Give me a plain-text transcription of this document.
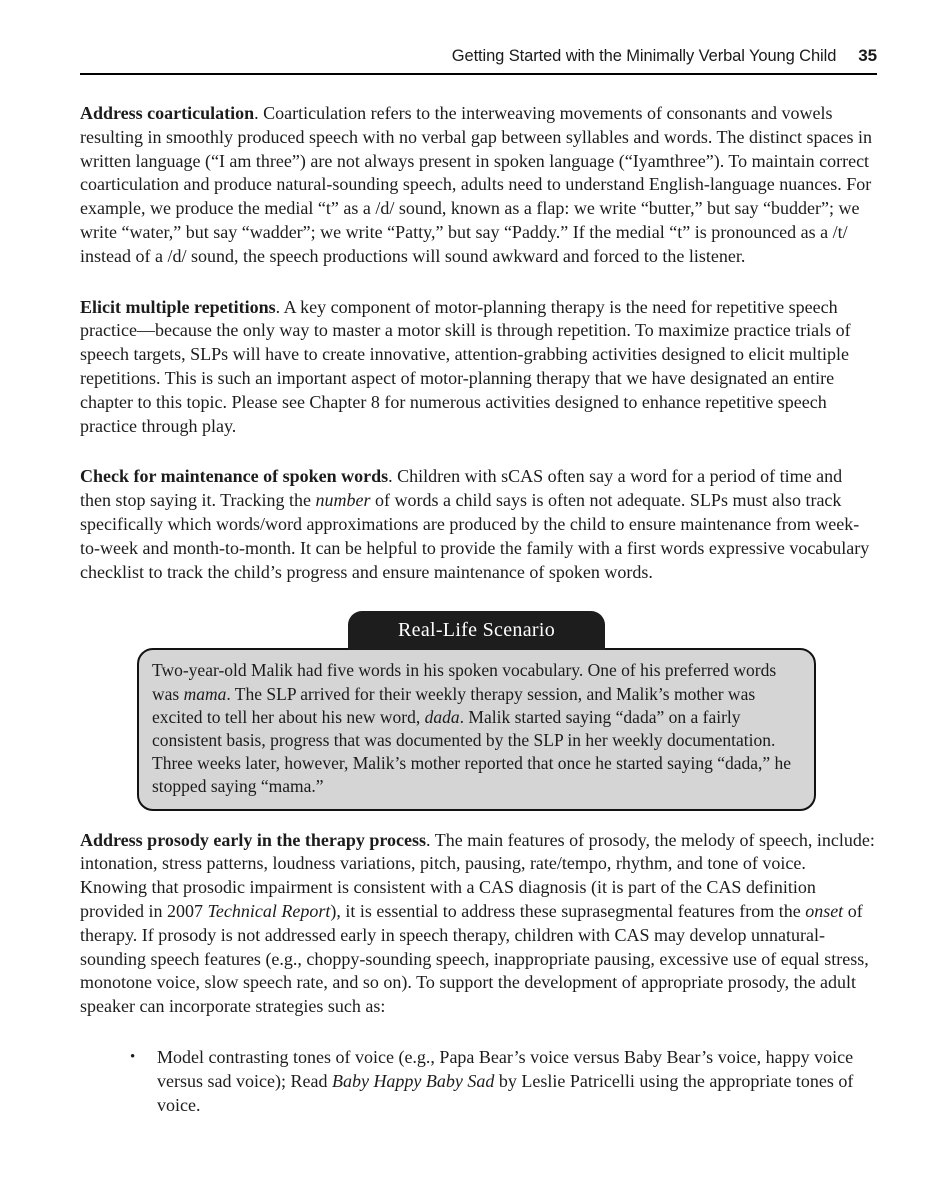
Getting Started with the Minimally Verbal Young Child 35

Address coarticulation. Coarticulation refers to the interweaving movements of consonants and vowels resulting in smoothly produced speech with no verbal gap between syllables and words. The distinct spaces in written language (“I am three”) are not always present in spoken language (“Iyamthree”). To maintain correct coarticulation and produce natural-sounding speech, adults need to understand English-language nuances. For example, we produce the medial “t” as a /d/ sound, known as a flap: we write “butter,” but say “budder”; we write “water,” but say “wadder”; we write “Patty,” but say “Paddy.” If the medial “t” is pronounced as a /t/ instead of a /d/ sound, the speech productions will sound awkward and forced to the listener.

Elicit multiple repetitions. A key component of motor-planning therapy is the need for repetitive speech practice—because the only way to master a motor skill is through repetition. To maximize practice trials of speech targets, SLPs will have to create innovative, attention-grabbing activities designed to elicit multiple repetitions. This is such an important aspect of motor-planning therapy that we have designated an entire chapter to this topic. Please see Chapter 8 for numerous activities designed to enhance repetitive speech practice through play.

Check for maintenance of spoken words. Children with sCAS often say a word for a period of time and then stop saying it. Tracking the number of words a child says is often not adequate. SLPs must also track specifically which words/word approximations are produced by the child to ensure maintenance from week-to-week and month-to-month. It can be helpful to provide the family with a first words expressive vocabulary checklist to track the child’s progress and ensure maintenance of spoken words.

Real-Life Scenario

Two-year-old Malik had five words in his spoken vocabulary. One of his preferred words was mama. The SLP arrived for their weekly therapy session, and Malik’s mother was excited to tell her about his new word, dada. Malik started saying “dada” on a fairly consistent basis, progress that was documented by the SLP in her weekly documentation. Three weeks later, however, Malik’s mother reported that once he started saying “dada,” he stopped saying “mama.”

Address prosody early in the therapy process. The main features of prosody, the melody of speech, include: intonation, stress patterns, loudness variations, pitch, pausing, rate/tempo, rhythm, and tone of voice. Knowing that prosodic impairment is consistent with a CAS diagnosis (it is part of the CAS definition provided in 2007 Technical Report), it is essential to address these suprasegmental features from the onset of therapy. If prosody is not addressed early in speech therapy, children with CAS may develop unnatural-sounding speech features (e.g., choppy-sounding speech, inappropriate pausing, excessive use of equal stress, monotone voice, slow speech rate, and so on). To support the development of appropriate prosody, the adult speaker can incorporate strategies such as:

•	Model contrasting tones of voice (e.g., Papa Bear’s voice versus Baby Bear’s voice, happy voice versus sad voice); Read Baby Happy Baby Sad by Leslie Patricelli using the appropriate tones of voice.
